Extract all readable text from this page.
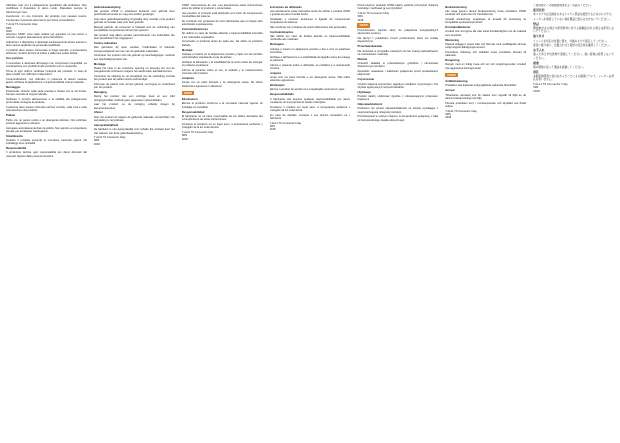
Utilizzare solo con il collegamento specificato dal produttore. Non modificare il dispositivo in alcun modo. Rispettare sempre le istruzioni per l'uso.

Avvertenza: un uso improprio del prodotto può causare lesioni. Conservare il presente documento per future consultazioni.

T-AL11 TS Connector Inlay
SRS
2018

Istruzioni OSSP: sono state redatte per garantire un uso sicuro e corretto. Leggere attentamente prima dell'utilizzo.

Indicazioni: il dispositivo è destinato esclusivamente all'uso esterno e deve essere applicato da personale qualificato.

Il prodotto deve essere conservato in luogo asciutto, a temperatura ambiente, lontano da fonti di calore e dalla luce solare diretta.

Uso previsto

Il connettore è destinato all'impiego con componenti compatibili. La combinazione con prodotti di altri produttori non è consentita.

Prima di ogni utilizzo verificare l'integrità del prodotto. In caso di danni visibili non utilizzare il dispositivo.

Controindicazioni: non utilizzare in presenza di lesioni cutanee aperte nell'area di applicazione o di ipersensibilità nota ai materiali.

Montaggio

Posizionare l'inserto nella sede prevista e fissare con le viti fornite. Serrare secondo la coppia indicata.

Verificare il corretto allineamento e la stabilità del collegamento prima della consegna al paziente.

Il paziente deve essere informato sull'uso corretto, sulla cura e sulla manutenzione del prodotto.

Pulizia

Pulire con un panno umido e un detergente delicato. Non utilizzare solventi aggressivi o abrasivi.

Asciugare accuratamente dopo la pulizia. Non esporre a temperature elevate per accelerare l'asciugatura.

Smaltimento

Smaltire il prodotto secondo le normative nazionali vigenti. Gli imballaggi sono riciclabili.

Responsabilità

Il produttore declina ogni responsabilità per danni derivanti dal mancato rispetto delle presenti istruzioni.

Gebruiksaanwijzing

Het product OSSP is uitsluitend bestemd voor gebruik door geschoold personeel en mag niet worden gewijzigd.

Lees deze gebruiksaanwijzing zorgvuldig door voordat u het product gebruikt en bewaar haar voor later gebruik.

Beoogd gebruik: de connector is bedoeld voor de verbinding van compatibele componenten binnen het systeem.

Het product mag alleen worden gecombineerd met onderdelen die door de fabrikant zijn vrijgegeven.

Contra-indicaties

Niet gebruiken bij open wonden, huidirritaties of bekende overgevoeligheid voor een van de gebruikte materialen.

Controleer het product vóór elk gebruik op beschadigingen. Gebruik een beschadigd product niet.

Montage

Plaats het inlay in de voorziene opening en bevestig het met de meegeleverde schroeven volgens het aanbevolen aanhaalmoment.

Controleer de uitlijning en de stevigheid van de verbinding voordat het product aan de patiënt wordt overhandigd.

Informeer de patiënt over correct gebruik, verzorging en onderhoud van het product.

Reiniging

Reinig het product met een vochtige doek en een mild reinigingsmiddel. Gebruik geen agressieve oplosmiddelen.

Laat het product na de reiniging volledig drogen bij kamertemperatuur.

Afvoer

Voer het product af volgens de geldende nationale voorschriften. De verpakking is recyclebaar.

Aansprakelijkheid

De fabrikant is niet aansprakelijk voor schade die ontstaat door het niet naleven van deze gebruiksaanwijzing.

T-AL11 TS Connector Inlay
SRS
2018

OSSP: Instrucciones de uso. Lea atentamente estas instrucciones antes de utilizar el producto y consérvelas.

Uso previsto: el conector está destinado a la unión de componentes compatibles del sistema.

No combinar con productos de otros fabricantes que no hayan sido autorizados expresamente.

Contraindicaciones

No utilizar en caso de heridas abiertas o hipersensibilidad conocida a los materiales empleados.

Compruebe el producto antes de cada uso. No utilice un producto dañado.

Montaje

Coloque el inserto en el alojamiento previsto y fíjelo con los tornillos suministrados respetando el par de apriete.

Verifique la alineación y la estabilidad de la unión antes de entregar el producto al paciente.

Informe al paciente sobre el uso, el cuidado y el mantenimiento correctos del producto.

Limpieza

Limpie con un paño húmedo y un detergente suave. No utilice disolventes agresivos ni abrasivos.

OSSP
Eliminación

Elimine el producto conforme a la normativa nacional vigente. El embalaje es reciclable.

Responsabilidad

El fabricante no se hace responsable de los daños derivados del incumplimiento de estas instrucciones.

Conserve el producto en un lugar seco, a temperatura ambiente y protegido de la luz solar directa.

T-AL11 TS Connector Inlay
SRS
2018
Instruções de utilização

Leia atentamente estas instruções antes de utilizar o produto OSSP e guarde-as para consulta futura.

Finalidade: o conector destina-se à ligação de componentes compatíveis do sistema.

Não combinar com produtos de outros fabricantes não aprovados.

Contraindicações

Não utilizar em caso de feridas abertas ou hipersensibilidade conhecida aos materiais.

Montagem

Coloque o inserto no alojamento previsto e fixe-o com os parafusos fornecidos.

Verifique o alinhamento e a estabilidade da ligação antes da entrega ao paciente.

Informe o paciente sobre a utilização, os cuidados e a manutenção corretos.

Limpeza

Limpe com um pano húmido e um detergente suave. Não utilize solventes agressivos.

Eliminação

Elimine o produto de acordo com a legislação nacional em vigor.

Responsabilidade

O fabricante não assume qualquer responsabilidade por danos resultantes do incumprimento destas instruções.

Armazene o produto em local seco, à temperatura ambiente e protegido da luz solar direta.

Em caso de dúvidas, contacte o seu técnico ortopédico ou o fabricante.

T-AL11 TS Connector Inlay
SRS
2018

Przed użyciem produktu OSSP należy uważnie przeczytać niniejszą instrukcję i zachować ją na przyszłość.

T-AL11 TS Connector Inlay
SRS
2018
OSSP

Przeznaczenie: łącznik służy do połączenia kompatybilnych elementów systemu.

Nie łączyć z produktami innych producentów, które nie zostały dopuszczone.

Przeciwwskazania

Nie stosować w przypadku otwartych ran lub znanej nadwrażliwości na zastosowane materiały.

Montaż

Umieścić wkładkę w przewidzianym gnieździe i zamocować dostarczonymi śrubami.

Sprawdzić ustawienie i stabilność połączenia przed przekazaniem pacjentowi.

Czyszczenie

Czyścić wilgotną ściereczką i łagodnym środkiem czyszczącym. Nie używać agresywnych rozpuszczalników.

Utylizacja

Produkt należy utylizować zgodnie z obowiązującymi przepisami krajowymi.

Odpowiedzialność

Producent nie ponosi odpowiedzialności za szkody wynikające z nieprzestrzegania niniejszej instrukcji.

Przechowywać w suchym miejscu, w temperaturze pokojowej, z dala od bezpośredniego światła słonecznego.

Bruksanvisning

Läs noga igenom denna bruksanvisning innan produkten OSSP används och spara den för framtida bruk.

Avsedd användning: kopplingen är avsedd för anslutning av kompatibla systemkomponenter.

Kontraindikationer

Använd inte vid öppna sår eller känd överkänslighet mot de material som används.

Montering

Placera inlägget i avsett säte och fäst det med medföljande skruvar enligt angivet åtdragningsmoment.

Kontrollera inriktning och stabilitet innan produkten lämnas till patienten.

Rengöring

Rengör med en fuktig trasa och ett milt rengöringsmedel. Använd inte aggressiva lösningsmedel.

OSSP
Avfallshantering

Produkten ska kasseras enligt gällande nationella föreskrifter.

Ansvar

Tillverkaren ansvarar inte för skador som uppstår till följd av att denna bruksanvisning inte följs.

Förvara produkten torrt, i rumstemperatur och skyddad mot direkt solljus.

T-AL11 TS Connector Inlay
SRS
2018

ご使用前にこの取扱説明書をよくお読みください。

使用目的

本コネクタは互換性のあるシステム部品を接続するためのものです。

メーカーが承認していない他社製品と組み合わせないでください。

禁忌

開放創がある場合や使用材料に対する過敏症がある場合は使用しないでください。

取り付け

インレイを所定の位置に置き、付属のネジで固定してください。

患者に渡す前に、位置合わせと接続の安定性を確認してください。

お手入れ

湿った布と中性洗剤で清掃してください。強い溶剤は使用しないでください。

廃棄

国の規則に従って製品を廃棄してください。

責任

本取扱説明書に従わなかったことによる損害について、メーカーは責任を負いません。

T-AL11 TS Connector Inlay
SRS
2018
